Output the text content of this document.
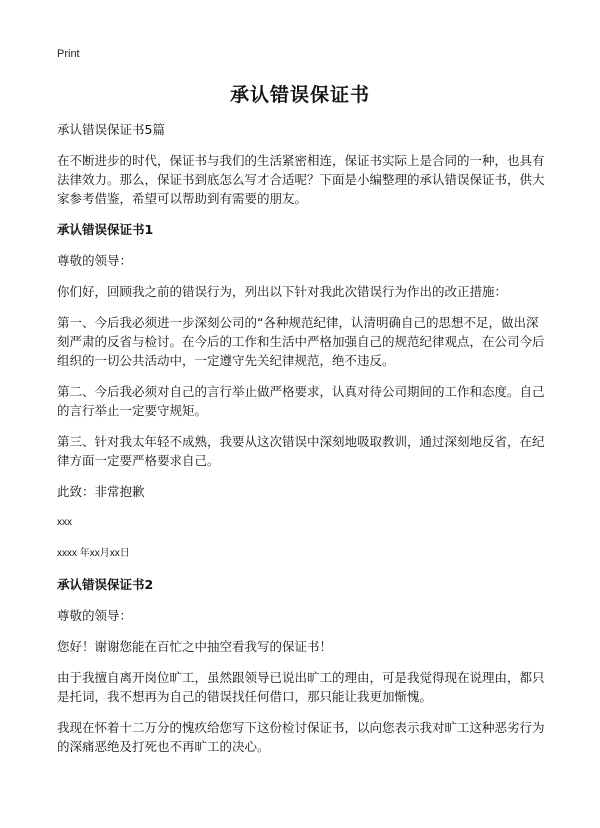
Print
承认错误保证书

承认错误保证书5篇

在不断进步的时代，保证书与我们的生活紧密相连，保证书实际上是合同的一种，也具有法律效力。那么，保证书到底怎么写才合适呢？下面是小编整理的承认错误保证书，供大家参考借鉴，希望可以帮助到有需要的朋友。

承认错误保证书1

尊敬的领导：

你们好，回顾我之前的错误行为，列出以下针对我此次错误行为作出的改正措施：

第一、今后我必须进一步深刻公司的“各种规范纪律，认清明确自己的思想不足，做出深刻严肃的反省与检讨。在今后的工作和生活中严格加强自己的规范纪律观点，在公司今后组织的一切公共活动中，一定遵守先关纪律规范，绝不违反。

第二、今后我必须对自己的言行举止做严格要求，认真对待公司期间的工作和态度。自己的言行举止一定要守规矩。

第三、针对我太年轻不成熟，我要从这次错误中深刻地吸取教训，通过深刻地反省，在纪律方面一定要严格要求自己。

此致：非常抱歉

xxx

xxxx 年xx月xx日

承认错误保证书2

尊敬的领导：

您好！谢谢您能在百忙之中抽空看我写的保证书！

由于我擅自离开岗位旷工，虽然跟领导已说出旷工的理由，可是我觉得现在说理由，都只是托词，我不想再为自己的错误找任何借口，那只能让我更加惭愧。

我现在怀着十二万分的愧疚给您写下这份检讨保证书，以向您表示我对旷工这种恶劣行为的深痛恶绝及打死也不再旷工的决心。
